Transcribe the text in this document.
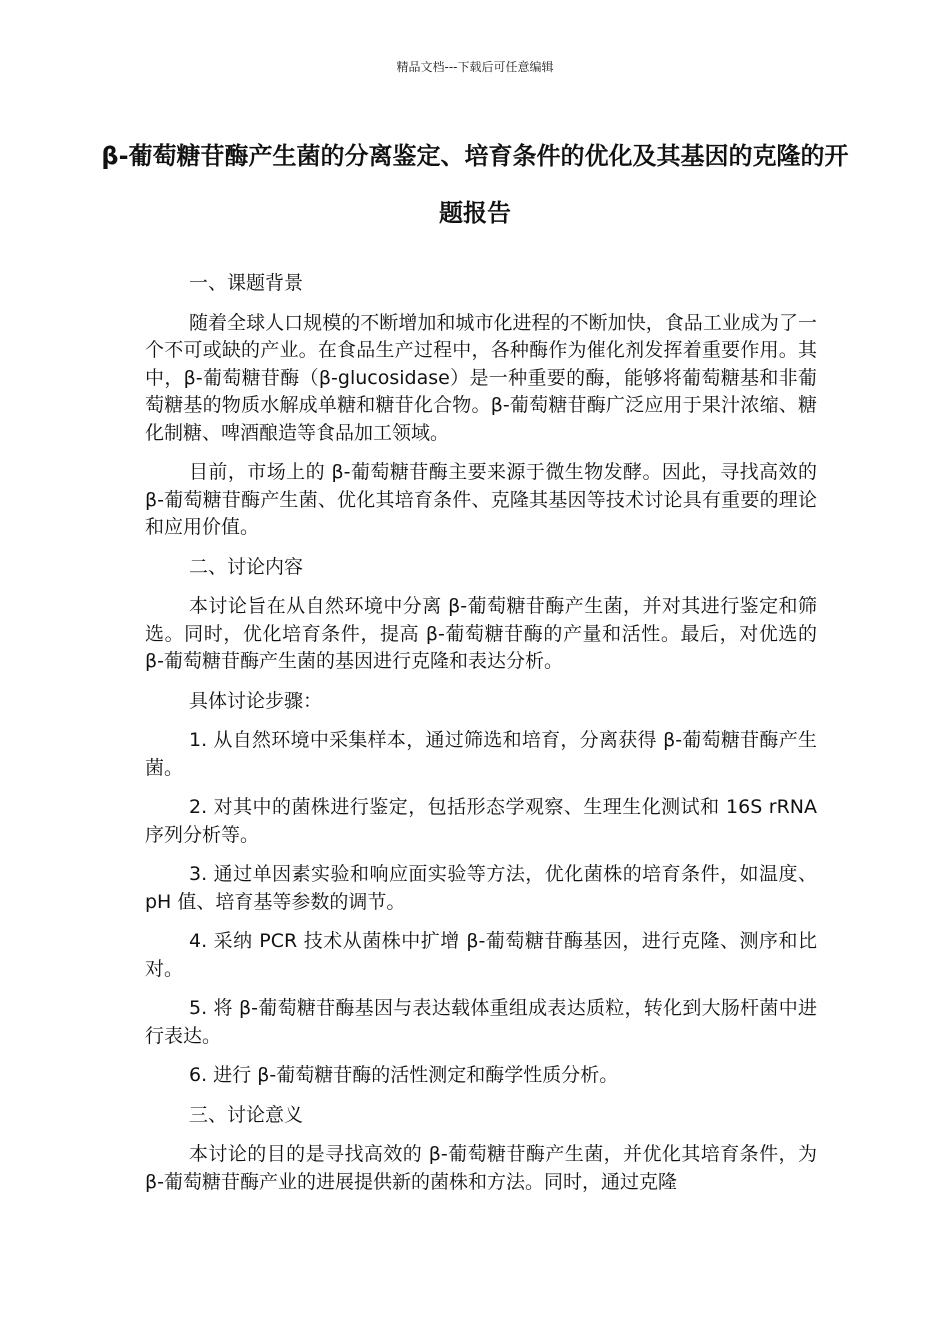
精品文档---下载后可任意编辑
β-葡萄糖苷酶产生菌的分离鉴定、培育条件的优化及其基因的克隆的开题报告

一、课题背景

随着全球人口规模的不断增加和城市化进程的不断加快，食品工业成为了一个不可或缺的产业。在食品生产过程中，各种酶作为催化剂发挥着重要作用。其中，β-葡萄糖苷酶（β-glucosidase）是一种重要的酶，能够将葡萄糖基和非葡萄糖基的物质水解成单糖和糖苷化合物。β-葡萄糖苷酶广泛应用于果汁浓缩、糖化制糖、啤酒酿造等食品加工领域。

目前，市场上的 β-葡萄糖苷酶主要来源于微生物发酵。因此，寻找高效的 β-葡萄糖苷酶产生菌、优化其培育条件、克隆其基因等技术讨论具有重要的理论和应用价值。

二、讨论内容

本讨论旨在从自然环境中分离 β-葡萄糖苷酶产生菌，并对其进行鉴定和筛选。同时，优化培育条件，提高 β-葡萄糖苷酶的产量和活性。最后，对优选的 β-葡萄糖苷酶产生菌的基因进行克隆和表达分析。

具体讨论步骤：

1. 从自然环境中采集样本，通过筛选和培育，分离获得 β-葡萄糖苷酶产生菌。

2. 对其中的菌株进行鉴定，包括形态学观察、生理生化测试和 16S rRNA 序列分析等。

3. 通过单因素实验和响应面实验等方法，优化菌株的培育条件，如温度、pH 值、培育基等参数的调节。

4. 采纳 PCR 技术从菌株中扩增 β-葡萄糖苷酶基因，进行克隆、测序和比对。

5. 将 β-葡萄糖苷酶基因与表达载体重组成表达质粒，转化到大肠杆菌中进行表达。

6. 进行 β-葡萄糖苷酶的活性测定和酶学性质分析。

三、讨论意义

本讨论的目的是寻找高效的 β-葡萄糖苷酶产生菌，并优化其培育条件，为 β-葡萄糖苷酶产业的进展提供新的菌株和方法。同时，通过克隆
